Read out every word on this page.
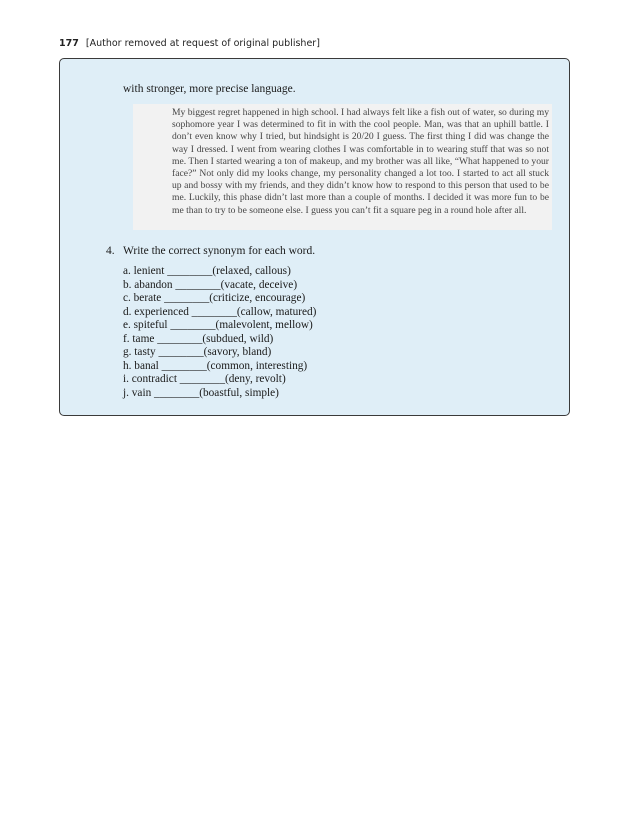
177 [Author removed at request of original publisher]
with stronger, more precise language.

My biggest regret happened in high school. I had always felt like a fish out of water, so during my sophomore year I was determined to fit in with the cool people. Man, was that an uphill battle. I don’t even know why I tried, but hindsight is 20/20 I guess. The first thing I did was change the way I dressed. I went from wearing clothes I was comfortable in to wearing stuff that was so not me. Then I started wearing a ton of makeup, and my brother was all like, “What happened to your face?” Not only did my looks change, my personality changed a lot too. I started to act all stuck up and bossy with my friends, and they didn’t know how to respond to this person that used to be me. Luckily, this phase didn’t last more than a couple of months. I decided it was more fun to be me than to try to be someone else. I guess you can’t fit a square peg in a round hole after all.

4. Write the correct synonym for each word.
a. lenient ________(relaxed, callous)
b. abandon ________(vacate, deceive)
c. berate ________(criticize, encourage)
d. experienced ________(callow, matured)
e. spiteful ________(malevolent, mellow)
f. tame ________(subdued, wild)
g. tasty ________(savory, bland)
h. banal ________(common, interesting)
i. contradict ________(deny, revolt)
j. vain ________(boastful, simple)
